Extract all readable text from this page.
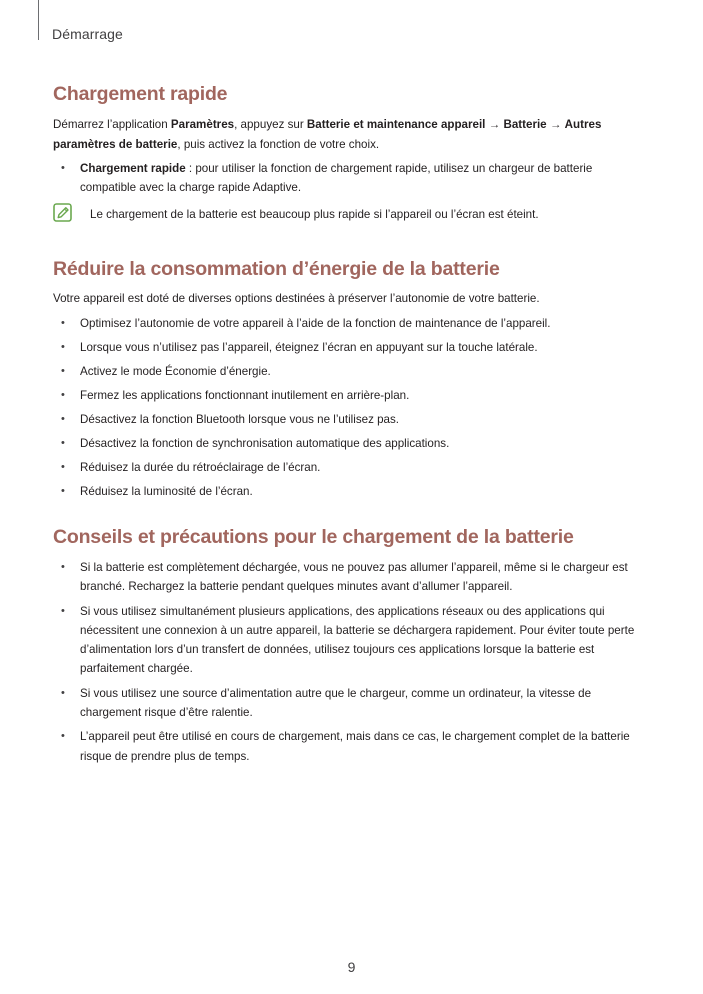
Démarrage
Chargement rapide
Démarrez l’application Paramètres, appuyez sur Batterie et maintenance appareil → Batterie → Autres paramètres de batterie, puis activez la fonction de votre choix.
• Chargement rapide : pour utiliser la fonction de chargement rapide, utilisez un chargeur de batterie compatible avec la charge rapide Adaptive.
Le chargement de la batterie est beaucoup plus rapide si l’appareil ou l’écran est éteint.
Réduire la consommation d’énergie de la batterie
Votre appareil est doté de diverses options destinées à préserver l’autonomie de votre batterie.
• Optimisez l’autonomie de votre appareil à l’aide de la fonction de maintenance de l’appareil.
• Lorsque vous n’utilisez pas l’appareil, éteignez l’écran en appuyant sur la touche latérale.
• Activez le mode Économie d’énergie.
• Fermez les applications fonctionnant inutilement en arrière-plan.
• Désactivez la fonction Bluetooth lorsque vous ne l’utilisez pas.
• Désactivez la fonction de synchronisation automatique des applications.
• Réduisez la durée du rétroéclairage de l’écran.
• Réduisez la luminosité de l’écran.
Conseils et précautions pour le chargement de la batterie
• Si la batterie est complètement déchargée, vous ne pouvez pas allumer l’appareil, même si le chargeur est branché. Rechargez la batterie pendant quelques minutes avant d’allumer l’appareil.
• Si vous utilisez simultanément plusieurs applications, des applications réseaux ou des applications qui nécessitent une connexion à un autre appareil, la batterie se déchargera rapidement. Pour éviter toute perte d’alimentation lors d’un transfert de données, utilisez toujours ces applications lorsque la batterie est parfaitement chargée.
• Si vous utilisez une source d’alimentation autre que le chargeur, comme un ordinateur, la vitesse de chargement risque d’être ralentie.
• L’appareil peut être utilisé en cours de chargement, mais dans ce cas, le chargement complet de la batterie risque de prendre plus de temps.
9
